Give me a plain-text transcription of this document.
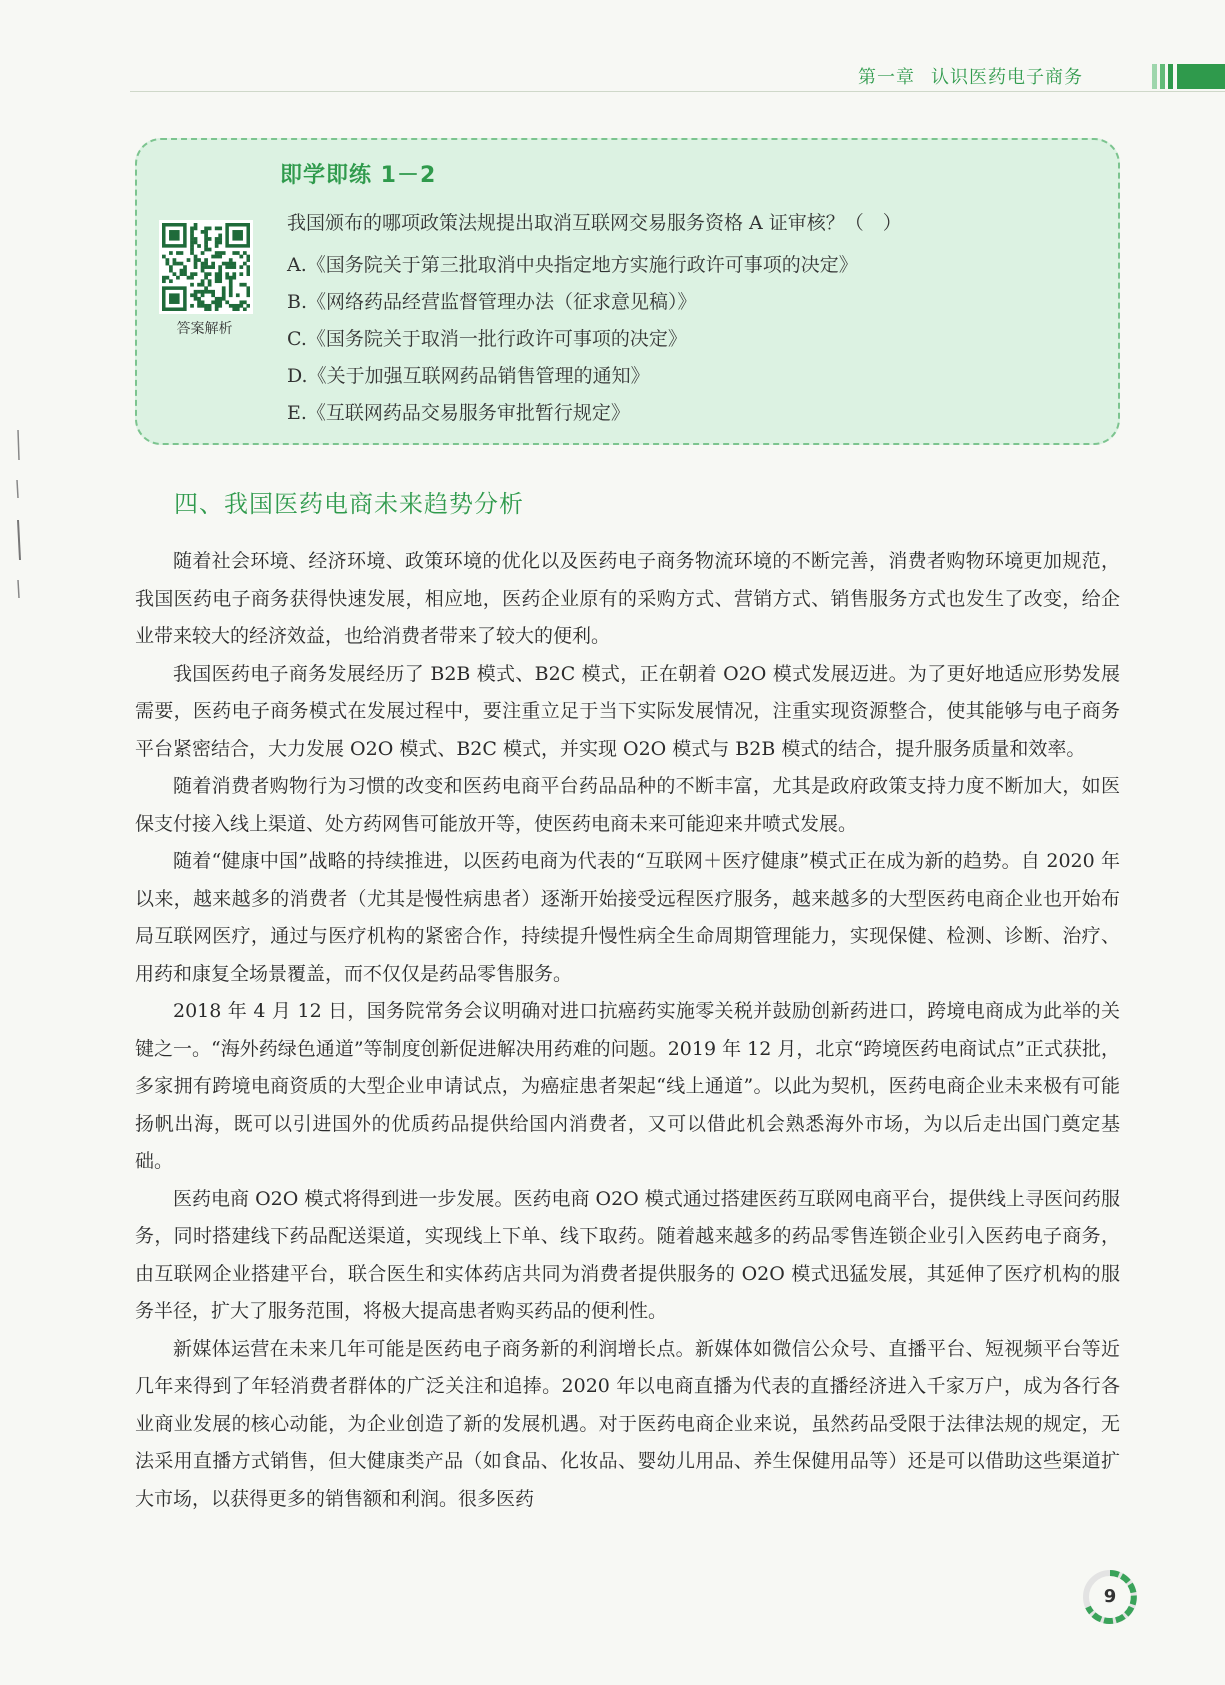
第一章 认识医药电子商务
即学即练 1－2
答案解析
我国颁布的哪项政策法规提出取消互联网交易服务资格 A 证审核？（　）
A.《国务院关于第三批取消中央指定地方实施行政许可事项的决定》
B.《网络药品经营监督管理办法（征求意见稿）》
C.《国务院关于取消一批行政许可事项的决定》
D.《关于加强互联网药品销售管理的通知》
E.《互联网药品交易服务审批暂行规定》
四、我国医药电商未来趋势分析

随着社会环境、经济环境、政策环境的优化以及医药电子商务物流环境的不断完善，消费者购物环境更加规范，我国医药电子商务获得快速发展，相应地，医药企业原有的采购方式、营销方式、销售服务方式也发生了改变，给企业带来较大的经济效益，也给消费者带来了较大的便利。

我国医药电子商务发展经历了 B2B 模式、B2C 模式，正在朝着 O2O 模式发展迈进。为了更好地适应形势发展需要，医药电子商务模式在发展过程中，要注重立足于当下实际发展情况，注重实现资源整合，使其能够与电子商务平台紧密结合，大力发展 O2O 模式、B2C 模式，并实现 O2O 模式与 B2B 模式的结合，提升服务质量和效率。

随着消费者购物行为习惯的改变和医药电商平台药品品种的不断丰富，尤其是政府政策支持力度不断加大，如医保支付接入线上渠道、处方药网售可能放开等，使医药电商未来可能迎来井喷式发展。

随着“健康中国”战略的持续推进，以医药电商为代表的“互联网＋医疗健康”模式正在成为新的趋势。自 2020 年以来，越来越多的消费者（尤其是慢性病患者）逐渐开始接受远程医疗服务，越来越多的大型医药电商企业也开始布局互联网医疗，通过与医疗机构的紧密合作，持续提升慢性病全生命周期管理能力，实现保健、检测、诊断、治疗、用药和康复全场景覆盖，而不仅仅是药品零售服务。

2018 年 4 月 12 日，国务院常务会议明确对进口抗癌药实施零关税并鼓励创新药进口，跨境电商成为此举的关键之一。“海外药绿色通道”等制度创新促进解决用药难的问题。2019 年 12 月，北京“跨境医药电商试点”正式获批，多家拥有跨境电商资质的大型企业申请试点，为癌症患者架起“线上通道”。以此为契机，医药电商企业未来极有可能扬帆出海，既可以引进国外的优质药品提供给国内消费者，又可以借此机会熟悉海外市场，为以后走出国门奠定基础。

医药电商 O2O 模式将得到进一步发展。医药电商 O2O 模式通过搭建医药互联网电商平台，提供线上寻医问药服务，同时搭建线下药品配送渠道，实现线上下单、线下取药。随着越来越多的药品零售连锁企业引入医药电子商务，由互联网企业搭建平台，联合医生和实体药店共同为消费者提供服务的 O2O 模式迅猛发展，其延伸了医疗机构的服务半径，扩大了服务范围，将极大提高患者购买药品的便利性。

新媒体运营在未来几年可能是医药电子商务新的利润增长点。新媒体如微信公众号、直播平台、短视频平台等近几年来得到了年轻消费者群体的广泛关注和追捧。2020 年以电商直播为代表的直播经济进入千家万户，成为各行各业商业发展的核心动能，为企业创造了新的发展机遇。对于医药电商企业来说，虽然药品受限于法律法规的规定，无法采用直播方式销售，但大健康类产品（如食品、化妆品、婴幼儿用品、养生保健用品等）还是可以借助这些渠道扩大市场，以获得更多的销售额和利润。很多医药

9
